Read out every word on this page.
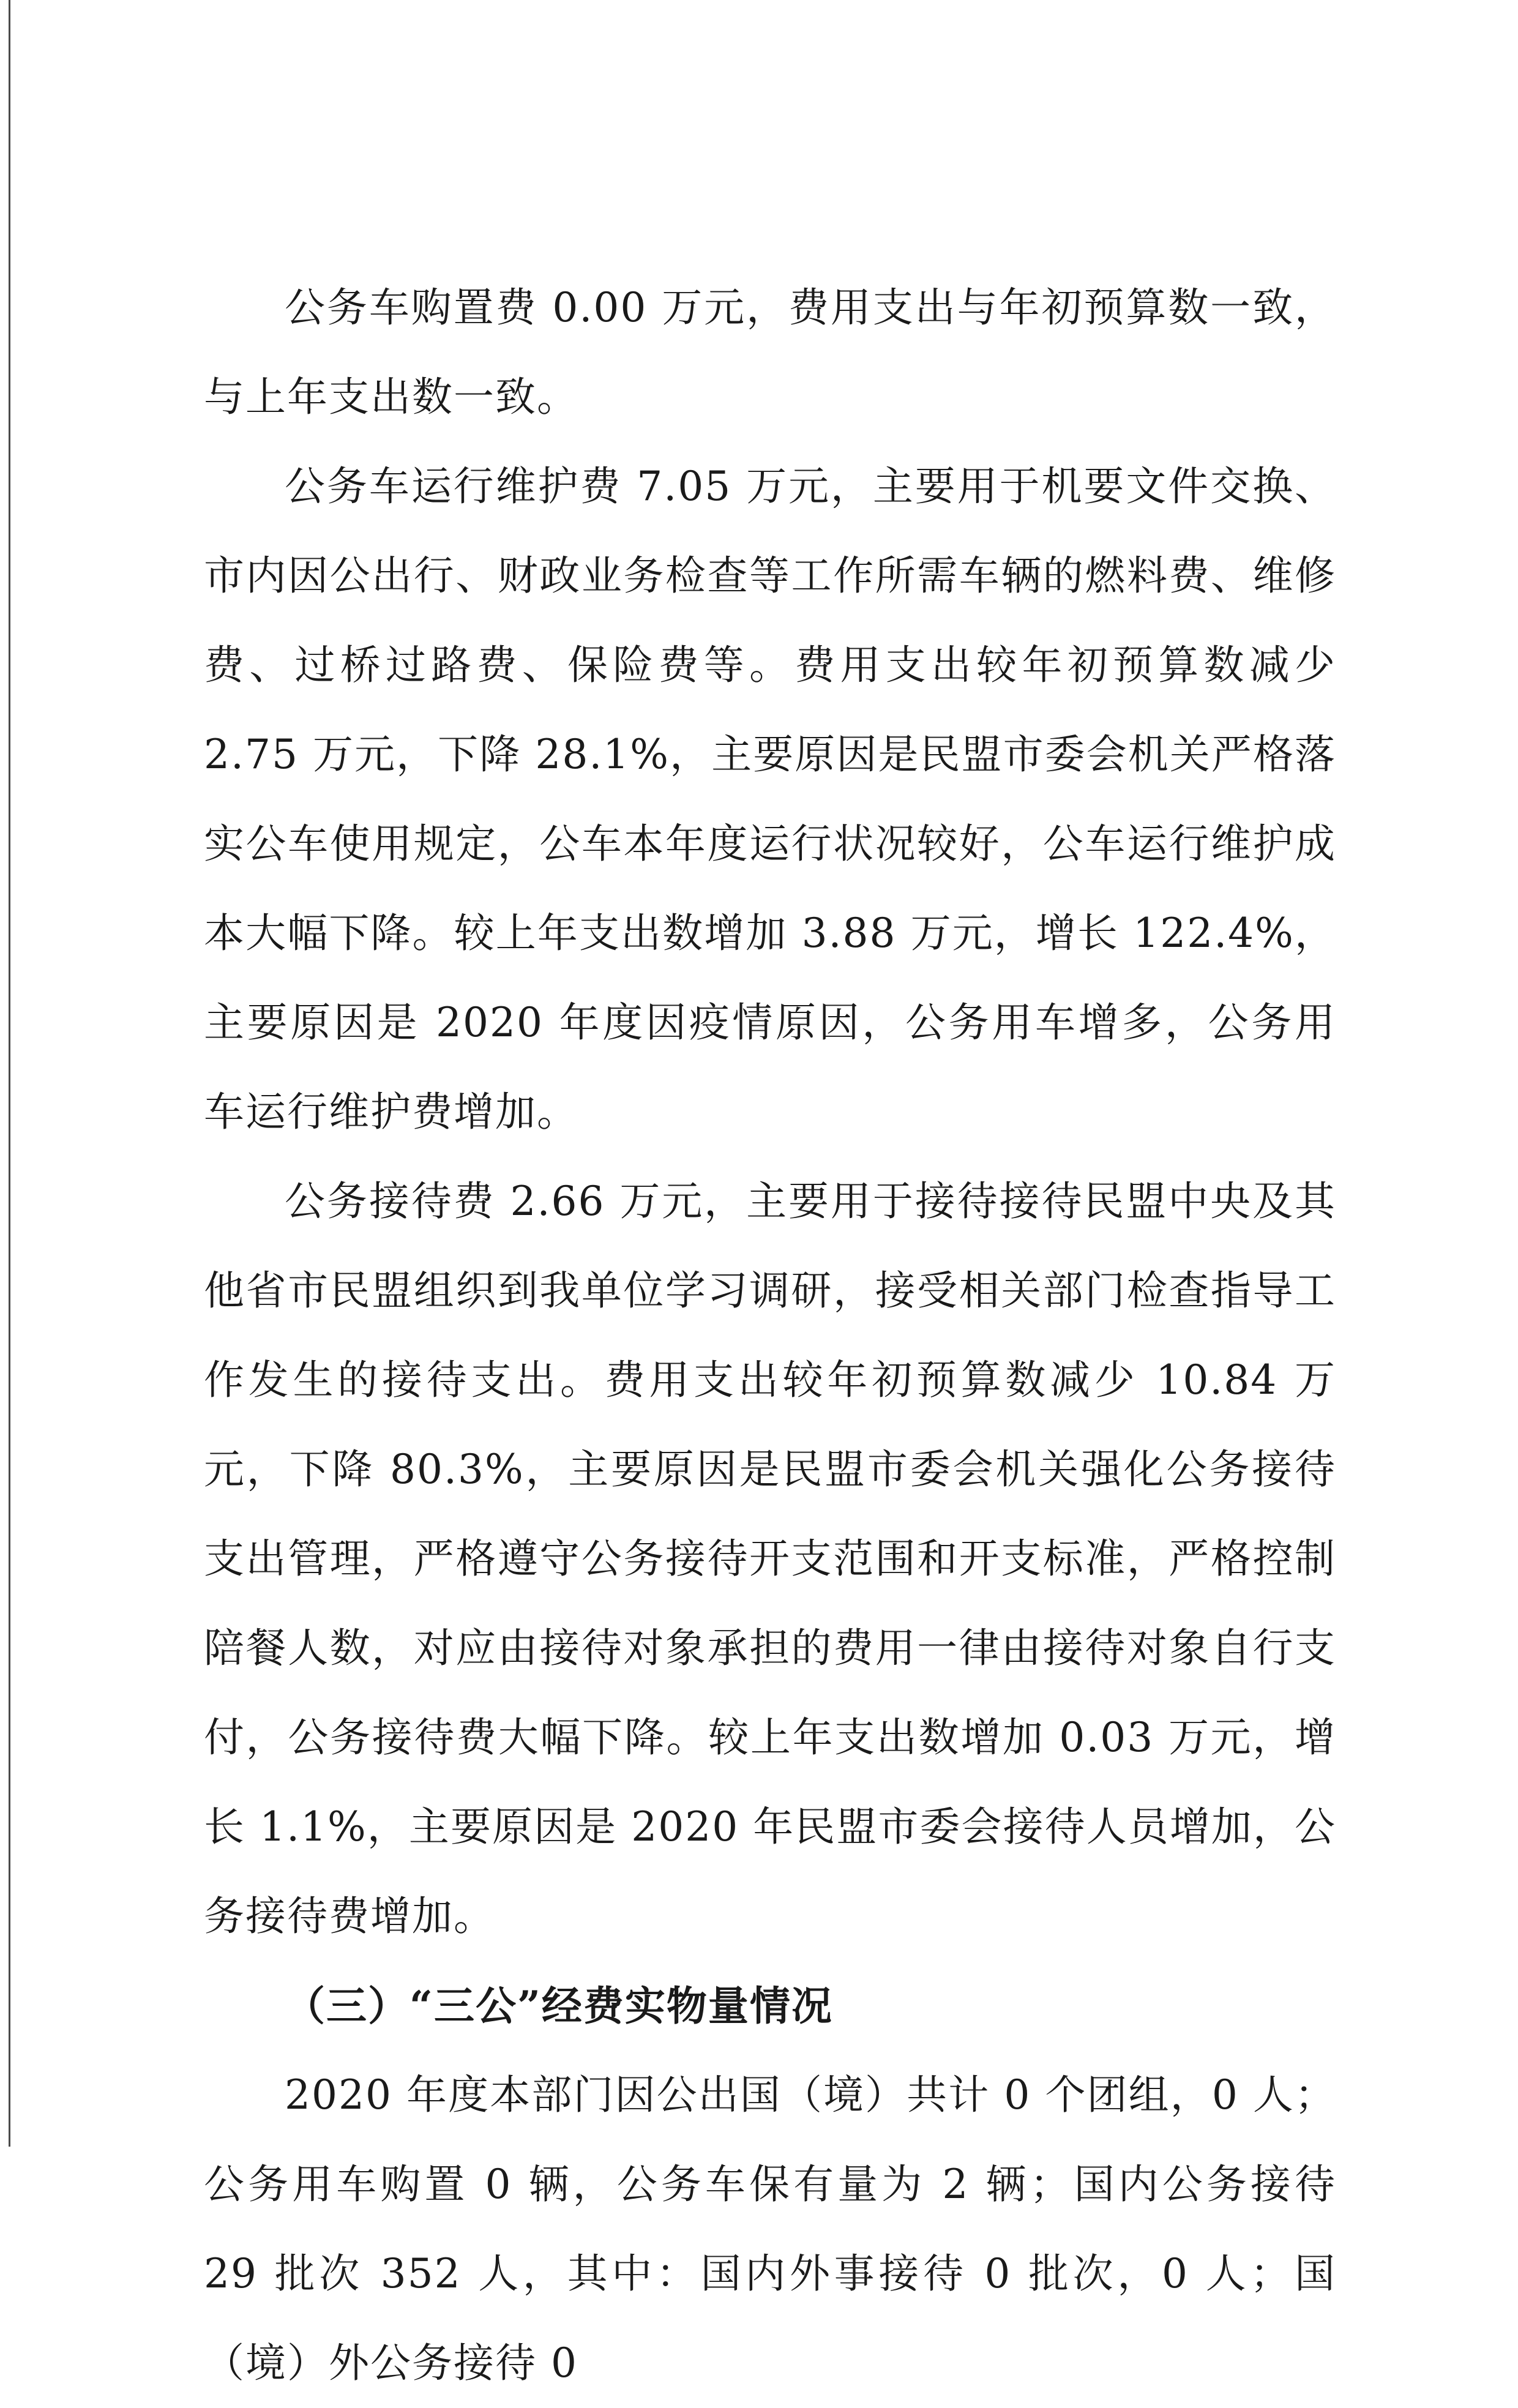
公务车购置费 0.00 万元，费用支出与年初预算数一致，与上年支出数一致。

公务车运行维护费 7.05 万元，主要用于机要文件交换、市内因公出行、财政业务检查等工作所需车辆的燃料费、维修费、过桥过路费、保险费等。费用支出较年初预算数减少 2.75 万元，下降 28.1%，主要原因是民盟市委会机关严格落实公车使用规定，公车本年度运行状况较好，公车运行维护成本大幅下降。较上年支出数增加 3.88 万元，增长 122.4%，主要原因是 2020 年度因疫情原因，公务用车增多，公务用车运行维护费增加。

公务接待费 2.66 万元，主要用于接待接待民盟中央及其他省市民盟组织到我单位学习调研，接受相关部门检查指导工作发生的接待支出。费用支出较年初预算数减少 10.84 万元，下降 80.3%，主要原因是民盟市委会机关强化公务接待支出管理，严格遵守公务接待开支范围和开支标准，严格控制陪餐人数，对应由接待对象承担的费用一律由接待对象自行支付，公务接待费大幅下降。较上年支出数增加 0.03 万元，增长 1.1%，主要原因是 2020 年民盟市委会接待人员增加，公务接待费增加。

（三）“三公”经费实物量情况

2020 年度本部门因公出国（境）共计 0 个团组，0 人；公务用车购置 0 辆，公务车保有量为 2 辆；国内公务接待 29 批次 352 人，其中：国内外事接待 0 批次，0 人；国（境）外公务接待 0
